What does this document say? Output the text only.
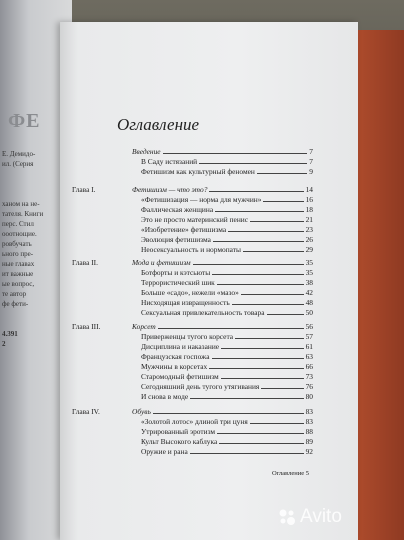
ФЕ
Е. Демидо-
ил. (Серия
ханом на не-
тателя. Книги
перс. Стил
ооотнощие.
ровбучать
ьного пре-
ные главах
ит важные
ые вопрос,
те автор
фе фети-
4.391
2
Оглавление
Введение	7
В Саду истязаний	7
Фетишизм как культурный феномен	9
Глава I.	Фетишизм — что это?	14
«Фетишизация — норма для мужчин»	16
Фаллическая женщина	18
Это не просто материнский пенис	21
«Изобретение» фетишизма	23
Эволюция фетишизма	26
Неосексуальность и нормопаты	29
Глава II.	Мода и фетишизм	35
Ботфорты и кэтсьюты	35
Террористический шик	38
Больше «садо», нежели «мазо»	42
Нисходящая извращенность	48
Сексуальная привлекательность товара	50
Глава III.	Корсет	56
Приверженцы тугого корсета	57
Дисциплина и наказание	61
Французская госпожа	63
Мужчины в корсетах	66
Старомодный фетишизм	73
Сегодняшний день тугого утягивания	76
И снова в моде	80
Глава IV.	Обувь	83
«Золотой лотос» длиной три цуня	83
Утрированный эротизм	88
Культ Высокого каблука	89
Оружие и рана	92
Оглавление 5
Avito
